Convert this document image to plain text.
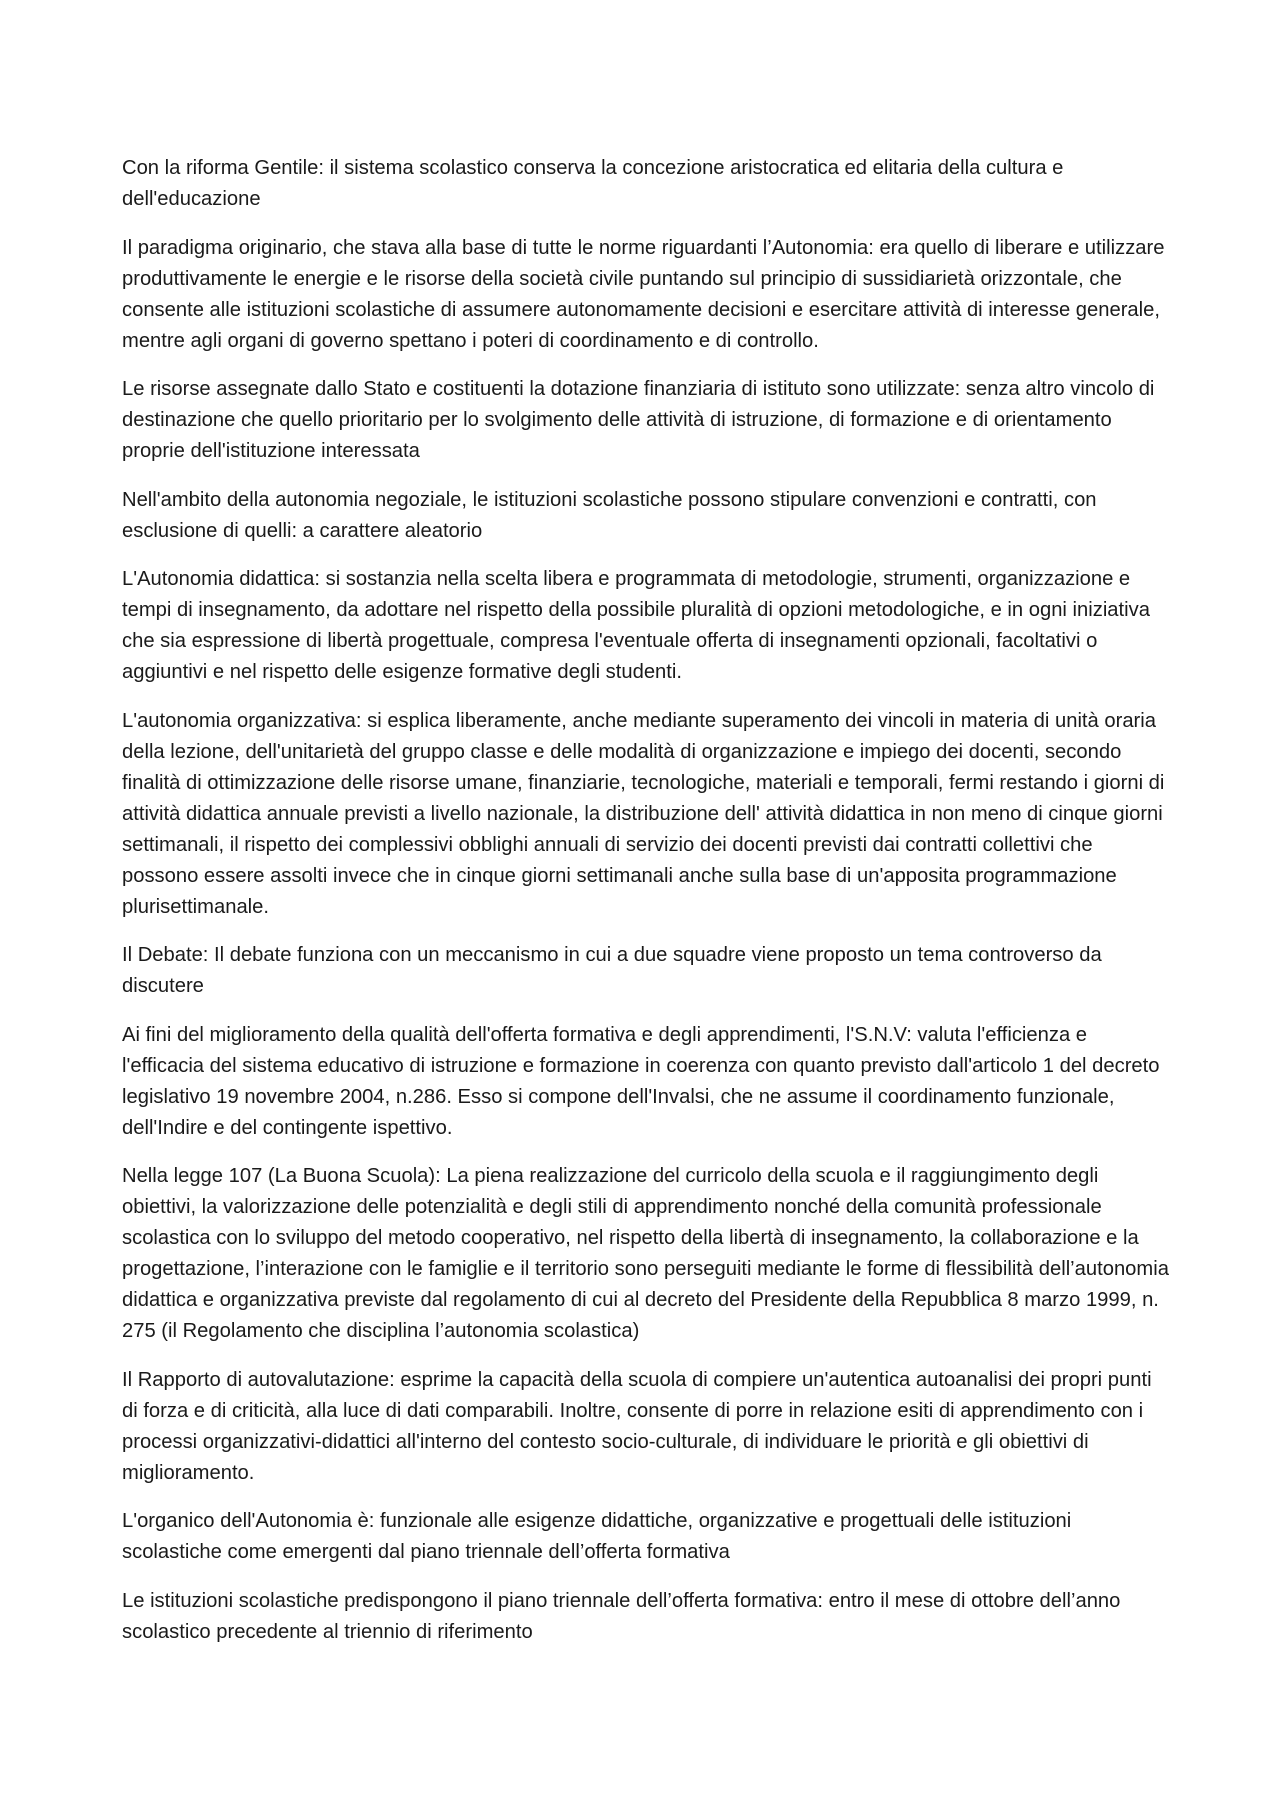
Con la riforma Gentile: il sistema scolastico conserva la concezione aristocratica ed elitaria della cultura e dell'educazione

Il paradigma originario, che stava alla base di tutte le norme riguardanti l’Autonomia: era quello di liberare e utilizzare produttivamente le energie e le risorse della società civile puntando sul principio di sussidiarietà orizzontale, che consente alle istituzioni scolastiche di assumere autonomamente decisioni e esercitare attività di interesse generale, mentre agli organi di governo spettano i poteri di coordinamento e di controllo.

Le risorse assegnate dallo Stato e costituenti la dotazione finanziaria di istituto sono utilizzate: senza altro vincolo di destinazione che quello prioritario per lo svolgimento delle attività di istruzione, di formazione e di orientamento proprie dell'istituzione interessata

Nell'ambito della autonomia negoziale, le istituzioni scolastiche possono stipulare convenzioni e contratti, con esclusione di quelli: a carattere aleatorio

L'Autonomia didattica: si sostanzia nella scelta libera e programmata di metodologie, strumenti, organizzazione e tempi di insegnamento, da adottare nel rispetto della possibile pluralità di opzioni metodologiche, e in ogni iniziativa che sia espressione di libertà progettuale, compresa l'eventuale offerta di insegnamenti opzionali, facoltativi o aggiuntivi e nel rispetto delle esigenze formative degli studenti.

L'autonomia organizzativa: si esplica liberamente, anche mediante superamento dei vincoli in materia di unità oraria della lezione, dell'unitarietà del gruppo classe e delle modalità di organizzazione e impiego dei docenti, secondo finalità di ottimizzazione delle risorse umane, finanziarie, tecnologiche, materiali e temporali, fermi restando i giorni di attività didattica annuale previsti a livello nazionale, la distribuzione dell' attività didattica in non meno di cinque giorni settimanali, il rispetto dei complessivi obblighi annuali di servizio dei docenti previsti dai contratti collettivi che possono essere assolti invece che in cinque giorni settimanali anche sulla base di un'apposita programmazione plurisettimanale.

Il Debate: Il debate funziona con un meccanismo in cui a due squadre viene proposto un tema controverso da discutere

Ai fini del miglioramento della qualità dell'offerta formativa e degli apprendimenti, l'S.N.V: valuta l'efficienza e l'efficacia del sistema educativo di istruzione e formazione in coerenza con quanto previsto dall'articolo 1 del decreto legislativo 19 novembre 2004, n.286. Esso si compone dell'Invalsi, che ne assume il coordinamento funzionale, dell'Indire e del contingente ispettivo.

Nella legge 107 (La Buona Scuola): La piena realizzazione del curricolo della scuola e il raggiungimento degli obiettivi, la valorizzazione delle potenzialità e degli stili di apprendimento nonché della comunità professionale scolastica con lo sviluppo del metodo cooperativo, nel rispetto della libertà di insegnamento, la collaborazione e la progettazione, l’interazione con le famiglie e il territorio sono perseguiti mediante le forme di flessibilità dell’autonomia didattica e organizzativa previste dal regolamento di cui al decreto del Presidente della Repubblica 8 marzo 1999, n. 275 (il Regolamento che disciplina l’autonomia scolastica)

Il Rapporto di autovalutazione: esprime la capacità della scuola di compiere un'autentica autoanalisi dei propri punti di forza e di criticità, alla luce di dati comparabili. Inoltre, consente di porre in relazione esiti di apprendimento con i processi organizzativi-didattici all'interno del contesto socio-culturale, di individuare le priorità e gli obiettivi di miglioramento.

L'organico dell'Autonomia è: funzionale alle esigenze didattiche, organizzative e progettuali delle istituzioni scolastiche come emergenti dal piano triennale dell’offerta formativa

Le istituzioni scolastiche predispongono il piano triennale dell’offerta formativa: entro il mese di ottobre dell’anno scolastico precedente al triennio di riferimento
